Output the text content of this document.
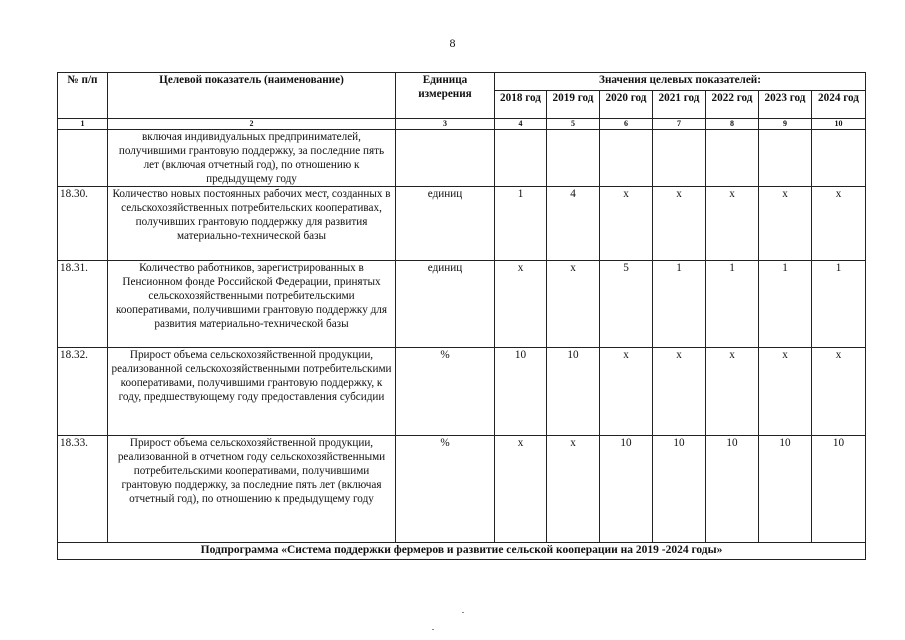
8
№ п/п	Целевой показатель (наименование)	Единица измерения	Значения целевых показателей:						
			2018 год	2019 год	2020 год	2021 год	2022 год	2023 год	2024 год
1	2	3	4	5	6	7	8	9	10
	включая индивидуальных предпринимателей, получившими грантовую поддержку, за последние пять лет (включая отчетный год), по отношению к предыдущему году								
18.30.	Количество новых постоянных рабочих мест, созданных в сельскохозяйственных потребительских кооперативах, получивших грантовую поддержку для развития материально-технической базы	единиц	1	4	x	x	x	x	x
18.31.	Количество работников, зарегистрированных в Пенсионном фонде Российской Федерации, принятых сельскохозяйственными потребительскими кооперативами, получившими грантовую поддержку для развития материально-технической базы	единиц	x	x	5	1	1	1	1
18.32.	Прирост объема сельскохозяйственной продукции, реализованной сельскохозяйственными потребительскими кооперативами, получившими грантовую поддержку, к году, предшествующему году предоставления субсидии	%	10	10	x	x	x	x	x
18.33.	Прирост объема сельскохозяйственной продукции, реализованной в отчетном году сельскохозяйственными потребительскими кооперативами, получившими грантовую поддержку, за последние пять лет (включая отчетный год), по отношению к предыдущему году	%	x	x	10	10	10	10	10
Подпрограмма «Система поддержки фермеров и развитие сельской кооперации на 2019 -2024 годы»									
